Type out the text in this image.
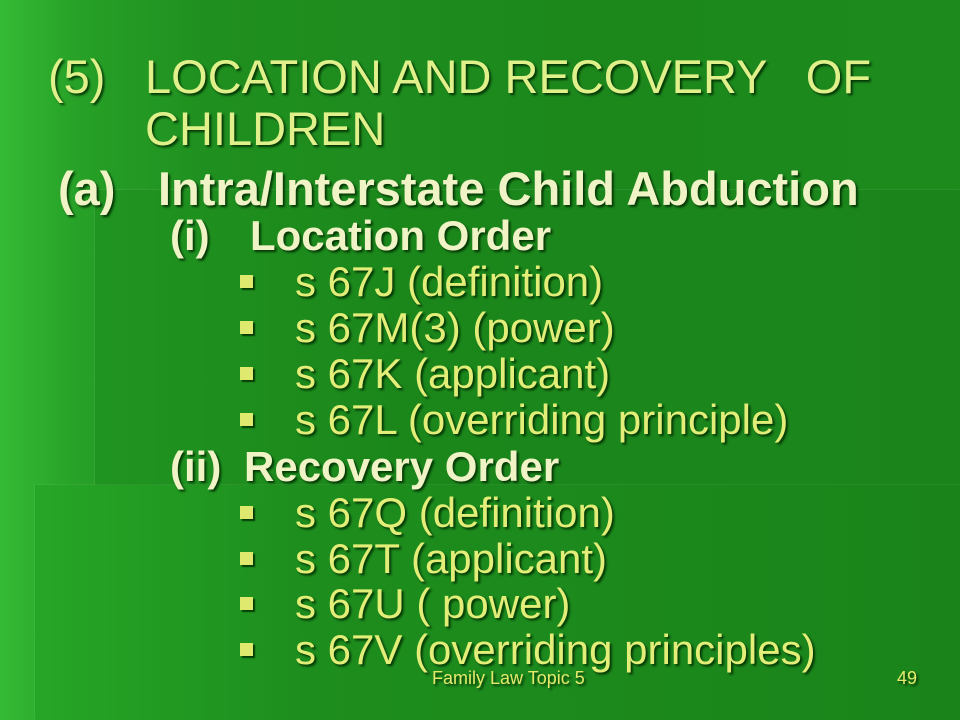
(5) LOCATION AND RECOVERY   OF
CHILDREN
(a) Intra/Interstate Child Abduction
(i) Location Order
s 67J (definition)
s 67M(3) (power)
s 67K (applicant)
s 67L (overriding principle)
(ii) Recovery Order
s 67Q (definition)
s 67T (applicant)
s 67U ( power)
s 67V (overriding principles)
Family Law Topic 5	49
